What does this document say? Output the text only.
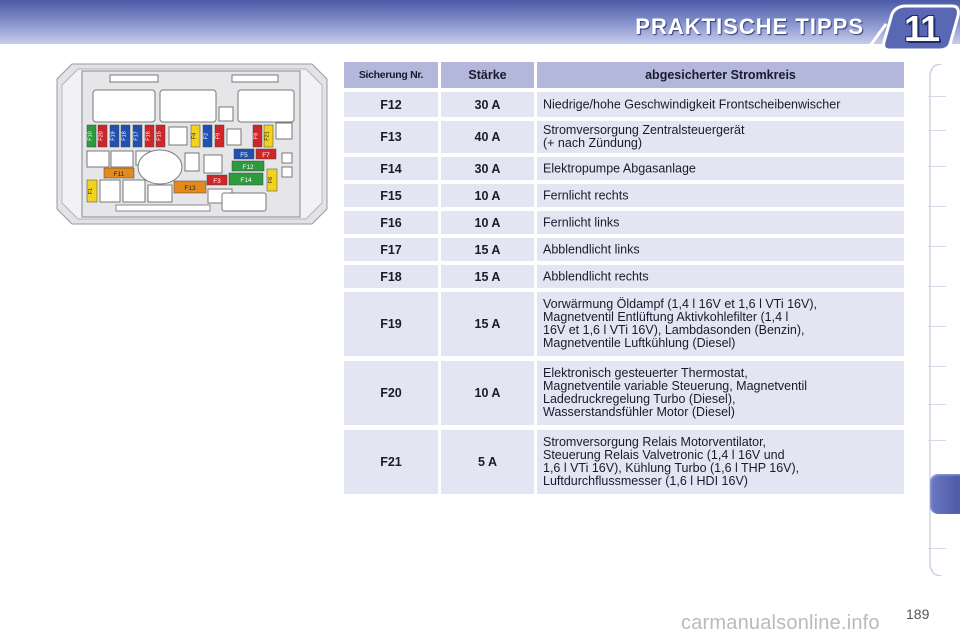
PRAKTISCHE TIPPS 11
F10 F20 F19 F18 F17 F16 F15	F4 F2 F9	F8 F21
F5 F7
F12
F11
F3	F14	F6
F1	F13
Sicherung Nr.	Stärke	abgesicherter Stromkreis
F12	30 A	Niedrige/hohe Geschwindigkeit Frontscheibenwischer
F13	40 A	Stromversorgung Zentralsteuergerät
(+ nach Zündung)
F14	30 A	Elektropumpe Abgasanlage
F15	10 A	Fernlicht rechts
F16	10 A	Fernlicht links
F17	15 A	Abblendlicht links
F18	15 A	Abblendlicht rechts
F19	15 A
Vorwärmung Öldampf (1,4 l 16V et 1,6 l VTi 16V),
Magnetventil Entlüftung Aktivkohlefilter (1,4 l
16V et 1,6 l VTi 16V), Lambdasonden (Benzin),
Magnetventile Luftkühlung (Diesel)
F20	10 A
Elektronisch gesteuerter Thermostat,
Magnetventile variable Steuerung, Magnetventil
Ladedruckregelung Turbo (Diesel),
Wasserstandsfühler Motor (Diesel)
F21	5 A
Stromversorgung Relais Motorventilator,
Steuerung Relais Valvetronic (1,4 l 16V und
1,6 l VTi 16V), Kühlung Turbo (1,6 l THP 16V),
Luftdurchflussmesser (1,6 l HDI 16V)
189
carmanualsonline.info
